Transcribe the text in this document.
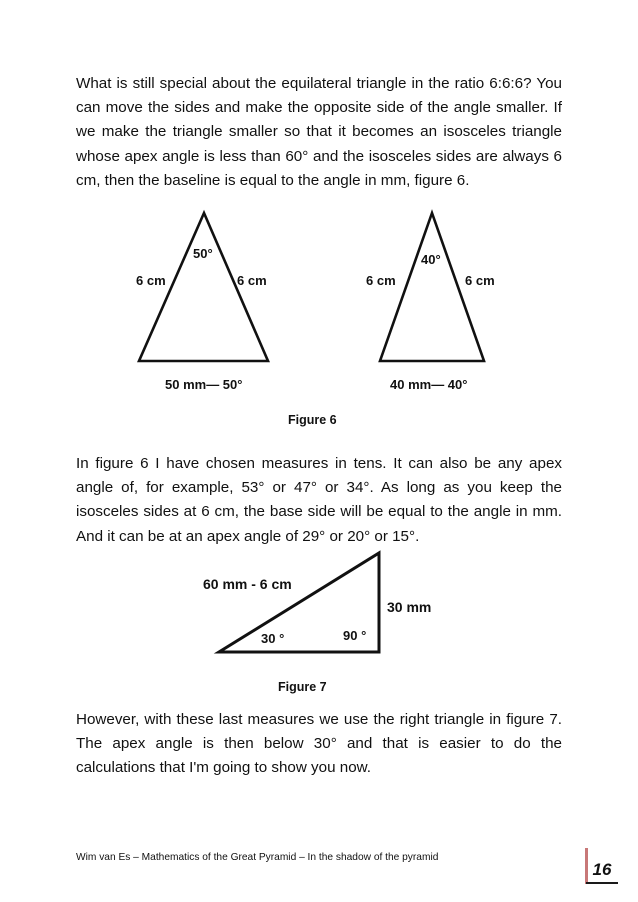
What is still special about the equilateral triangle in the ratio 6:6:6? You can move the sides and make the opposite side of the angle smaller. If we make the triangle smaller so that it becomes an isosceles triangle whose apex angle is less than 60° and the isosceles sides are always 6 cm, then the baseline is equal to the angle in mm, figure 6.

50°
6 cm	6 cm
50 mm— 50°
40°
6 cm	6 cm
40 mm— 40°

Figure 6

In figure 6 I have chosen measures in tens. It can also be any apex angle of, for example, 53° or 47° or 34°. As long as you keep the isosceles sides at 6 cm, the base side will be equal to the angle in mm. And it can be at an apex angle of 29° or 20° or 15°.

60 mm - 6 cm
30 mm
30 °	90 °

Figure 7

However, with these last measures we use the right triangle in figure 7. The apex angle is then below 30° and that is easier to do the calculations that I'm going to show you now.

Wim van Es – Mathematics of the Great Pyramid – In the shadow of the pyramid

16
